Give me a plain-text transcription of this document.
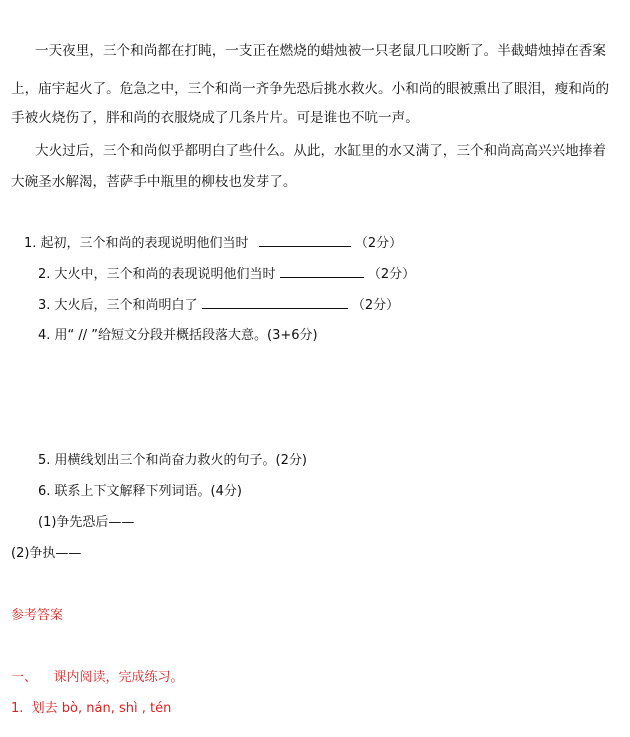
一天夜里，三个和尚都在打盹，一支正在燃烧的蜡烛被一只老鼠几口咬断了。半截蜡烛掉在香案
上，庙宇起火了。危急之中，三个和尚一齐争先恐后挑水救火。小和尚的眼被熏出了眼泪，瘦和尚的
手被火烧伤了，胖和尚的衣服烧成了几条片片。可是谁也不吭一声。
大火过后，三个和尚似乎都明白了些什么。从此，水缸里的水又满了，三个和尚高高兴兴地捧着
大碗圣水解渴，菩萨手中瓶里的柳枝也发芽了。
1. 起初，三个和尚的表现说明他们当时	（2分）
2. 大火中，三个和尚的表现说明他们当时	（2分）
3. 大火后，三个和尚明白了	（2分）
4. 用“ // ”给短文分段并概括段落大意。(3+6分)
5. 用横线划出三个和尚奋力救火的句子。(2分)
6. 联系上下文解释下列词语。(4分)
(1)争先恐后——
(2)争执——
参考答案
一、    课内阅读，完成练习。
1.  划去 bò, nán, shì , tén
